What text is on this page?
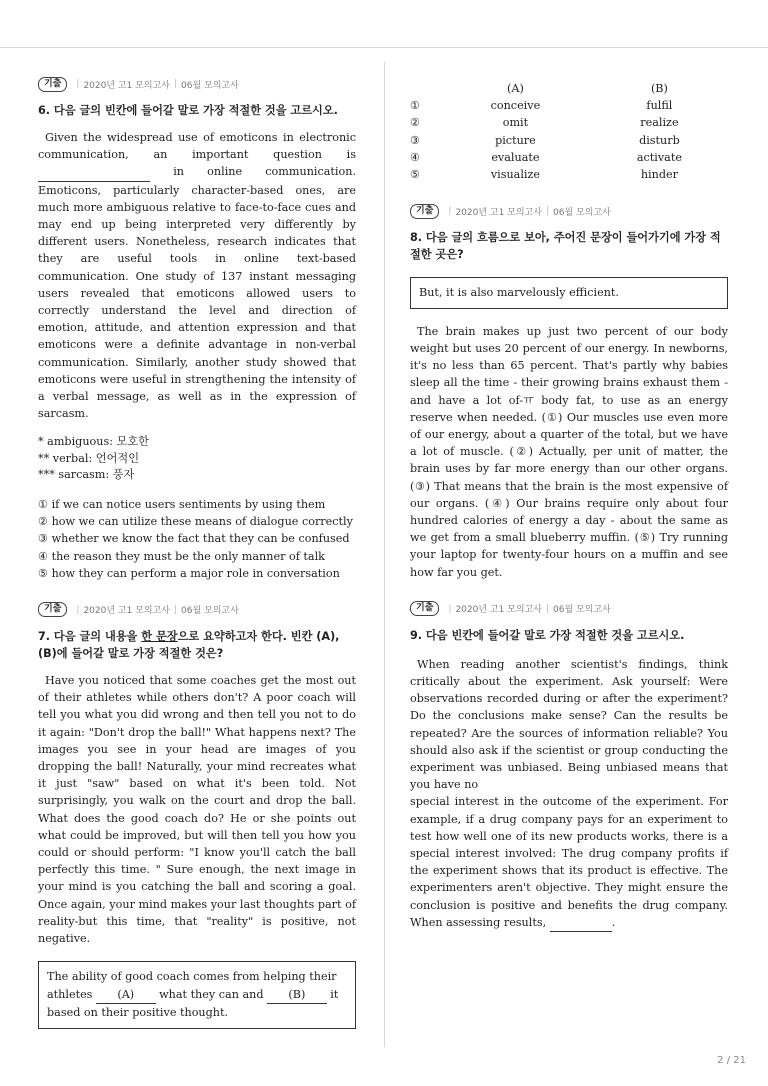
기출	| 2020년 고1 모의고사 | 06월 모의고사
6. 다음 글의 빈칸에 들어갈 말로 가장 적절한 것을 고르시오.
Given the widespread use of emoticons in electronic communication, an important question is   in online communication. Emoticons, particularly character-based ones, are much more ambiguous relative to face-to-face cues and may end up being interpreted very differently by different users. Nonetheless, research indicates that they are useful tools in online text-based communication. One study of 137 instant messaging users revealed that emoticons allowed users to correctly understand the level and direction of emotion, attitude, and attention expression and that emoticons were a definite advantage in non-verbal communication. Similarly, another study showed that emoticons were useful in strengthening the intensity of a verbal message, as well as in the expression of sarcasm.
* ambiguous: 모호한
** verbal: 언어적인
*** sarcasm: 풍자
① if we can notice users sentiments by using them
② how we can utilize these means of dialogue correctly
③ whether we know the fact that they can be confused
④ the reason they must be the only manner of talk
⑤ how they can perform a major role in conversation
기출	| 2020년 고1 모의고사 | 06월 모의고사
7. 다음 글의 내용을 한 문장으로 요약하고자 한다. 빈칸 (A), (B)에 들어갈 말로 가장 적절한 것은?
Have you noticed that some coaches get the most out of their athletes while others don't? A poor coach will tell you what you did wrong and then tell you not to do it again: "Don't drop the ball!" What happens next? The images you see in your head are images of you dropping the ball! Naturally, your mind recreates what it just "saw" based on what it's been told. Not surprisingly, you walk on the court and drop the ball. What does the good coach do? He or she points out what could be improved, but will then tell you how you could or should perform: "I know you'll catch the ball perfectly this time. " Sure enough, the next image in your mind is you catching the ball and scoring a goal. Once again, your mind makes your last thoughts part of reality-but this time, that "reality" is positive, not negative.
The ability of good coach comes from helping their athletes (A) what they can and (B) it based on their positive thought.
	(A)	(B)
①	conceive	fulfil
②	omit	realize
③	picture	disturb
④	evaluate	activate
⑤	visualize	hinder
기출	| 2020년 고1 모의고사 | 06월 모의고사
8. 다음 글의 흐름으로 보아, 주어진 문장이 들어가기에 가장 적절한 곳은?
But, it is also marvelously efficient.
The brain makes up just two percent of our body weight but uses 20 percent of our energy. In newborns, it's no less than 65 percent. That's partly why babies sleep all the time - their growing brains exhaust them - and have a lot of-ㅠ body fat, to use as an energy reserve when needed. (①) Our muscles use even more of our energy, about a quarter of the total, but we have a lot of muscle. (②) Actually, per unit of matter, the brain uses by far more energy than our other organs. (③) That means that the brain is the most expensive of our organs. (④) Our brains require only about four hundred calories of energy a day - about the same as we get from a small blueberry muffin. (⑤) Try running your laptop for twenty-four hours on a muffin and see how far you get.
기출	| 2020년 고1 모의고사 | 06월 모의고사
9. 다음 빈칸에 들어갈 말로 가장 적절한 것을 고르시오.
When reading another scientist's findings, think critically about the experiment. Ask yourself: Were observations recorded during or after the experiment? Do the conclusions make sense? Can the results be repeated? Are the sources of information reliable? You should also ask if the scientist or group conducting the experiment was unbiased. Being unbiased means that you have no
special interest in the outcome of the experiment. For example, if a drug company pays for an experiment to test how well one of its new products works, there is a special interest involved: The drug company profits if the experiment shows that its product is effective. The experimenters aren't objective. They might ensure the conclusion is positive and benefits the drug company. When assessing results,	.
2 / 21
